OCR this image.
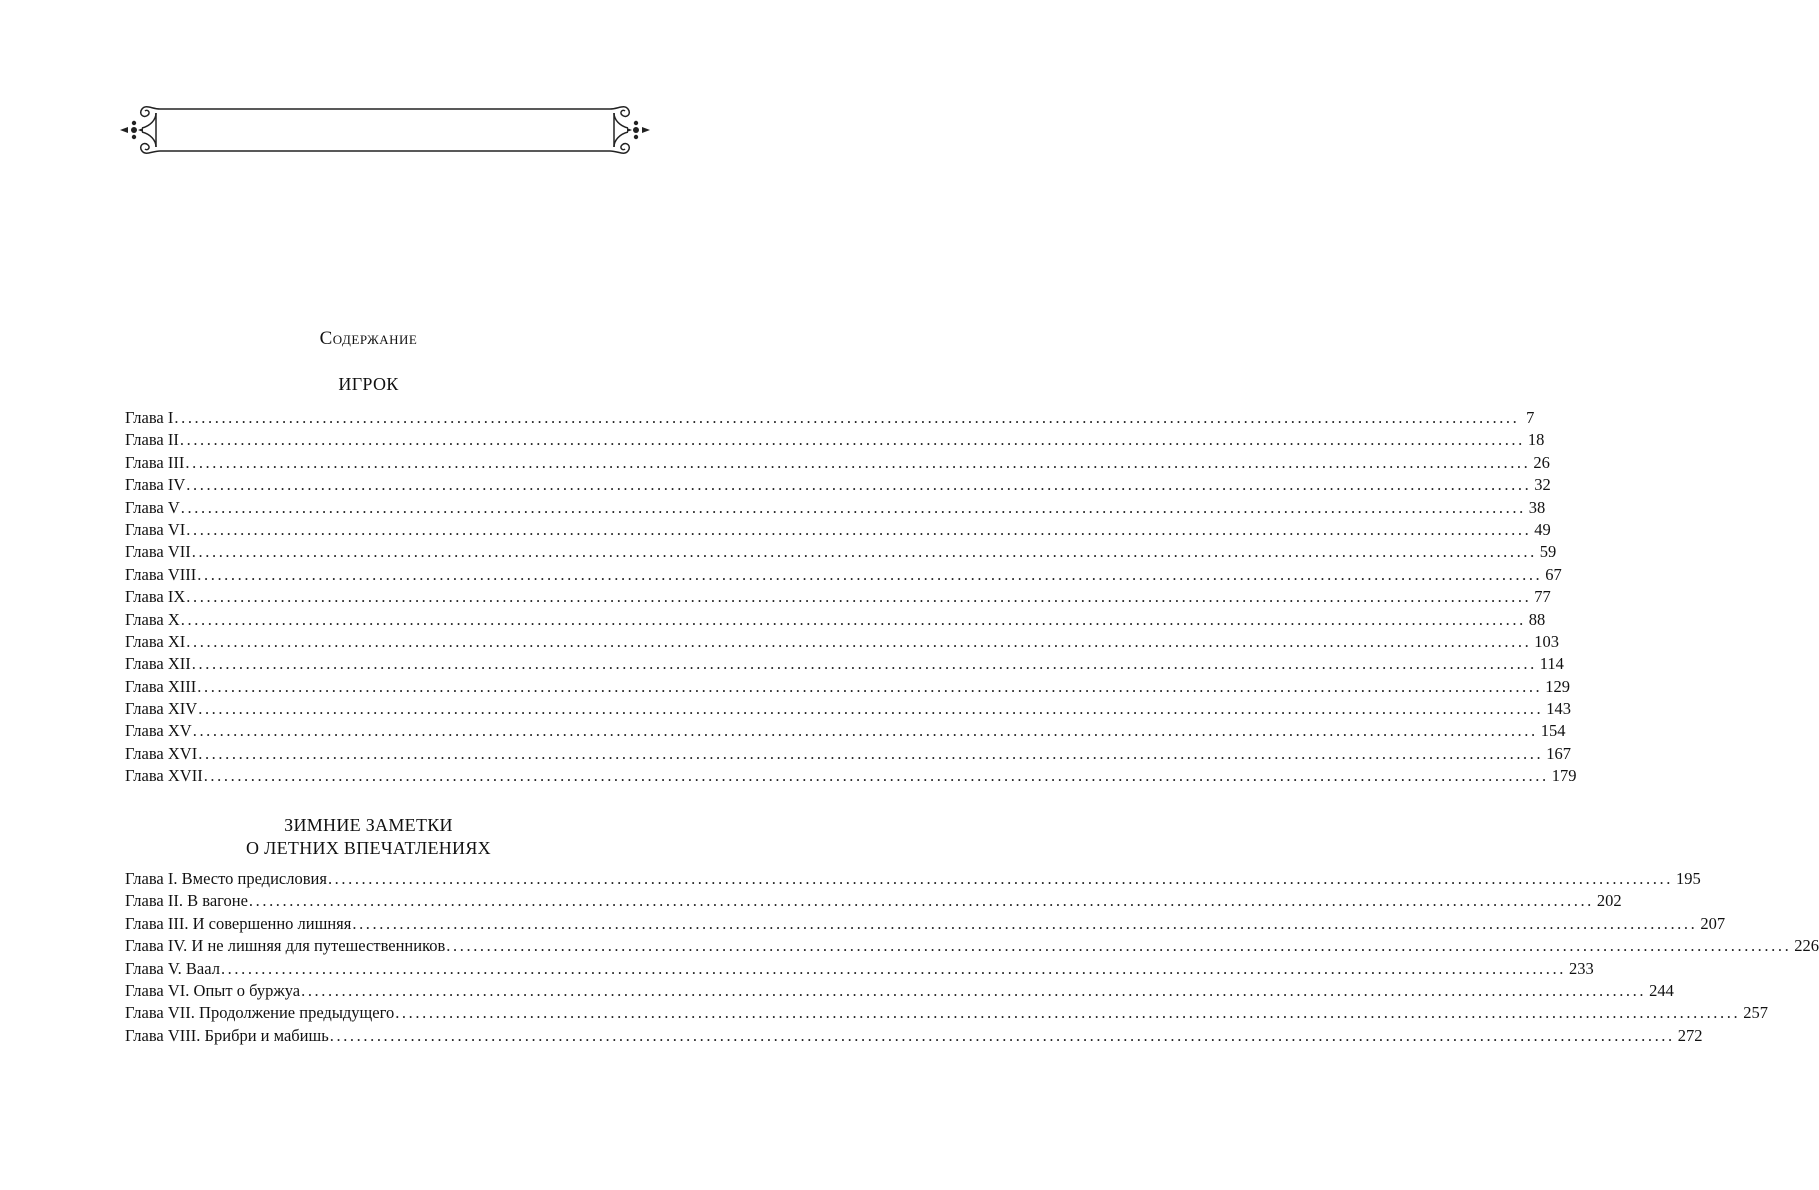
Содержание
ИГРОК
Глава I ........................................................................................................................................................................................................ 7
Глава II ........................................................................................................................................................................................................ 18
Глава III ........................................................................................................................................................................................................ 26
Глава IV ........................................................................................................................................................................................................ 32
Глава V ........................................................................................................................................................................................................ 38
Глава VI ........................................................................................................................................................................................................ 49
Глава VII ........................................................................................................................................................................................................ 59
Глава VIII ........................................................................................................................................................................................................ 67
Глава IX ........................................................................................................................................................................................................ 77
Глава X ........................................................................................................................................................................................................ 88
Глава XI ........................................................................................................................................................................................................ 103
Глава XII ........................................................................................................................................................................................................ 114
Глава XIII ........................................................................................................................................................................................................ 129
Глава XIV ........................................................................................................................................................................................................ 143
Глава XV ........................................................................................................................................................................................................ 154
Глава XVI ........................................................................................................................................................................................................ 167
Глава XVII ........................................................................................................................................................................................................ 179
ЗИМНИЕ ЗАМЕТКИ
О ЛЕТНИХ ВПЕЧАТЛЕНИЯХ
Глава I. Вместо предисловия ........................................................................................................................................................................................................ 195
Глава II. В вагоне ........................................................................................................................................................................................................ 202
Глава III. И совершенно лишняя ........................................................................................................................................................................................................ 207
Глава IV. И не лишняя для путешественников ........................................................................................................................................................................................................ 226
Глава V. Ваал ........................................................................................................................................................................................................ 233
Глава VI. Опыт о буржуа ........................................................................................................................................................................................................ 244
Глава VII. Продолжение предыдущего ........................................................................................................................................................................................................ 257
Глава VIII. Брибри и мабишь ........................................................................................................................................................................................................ 272
